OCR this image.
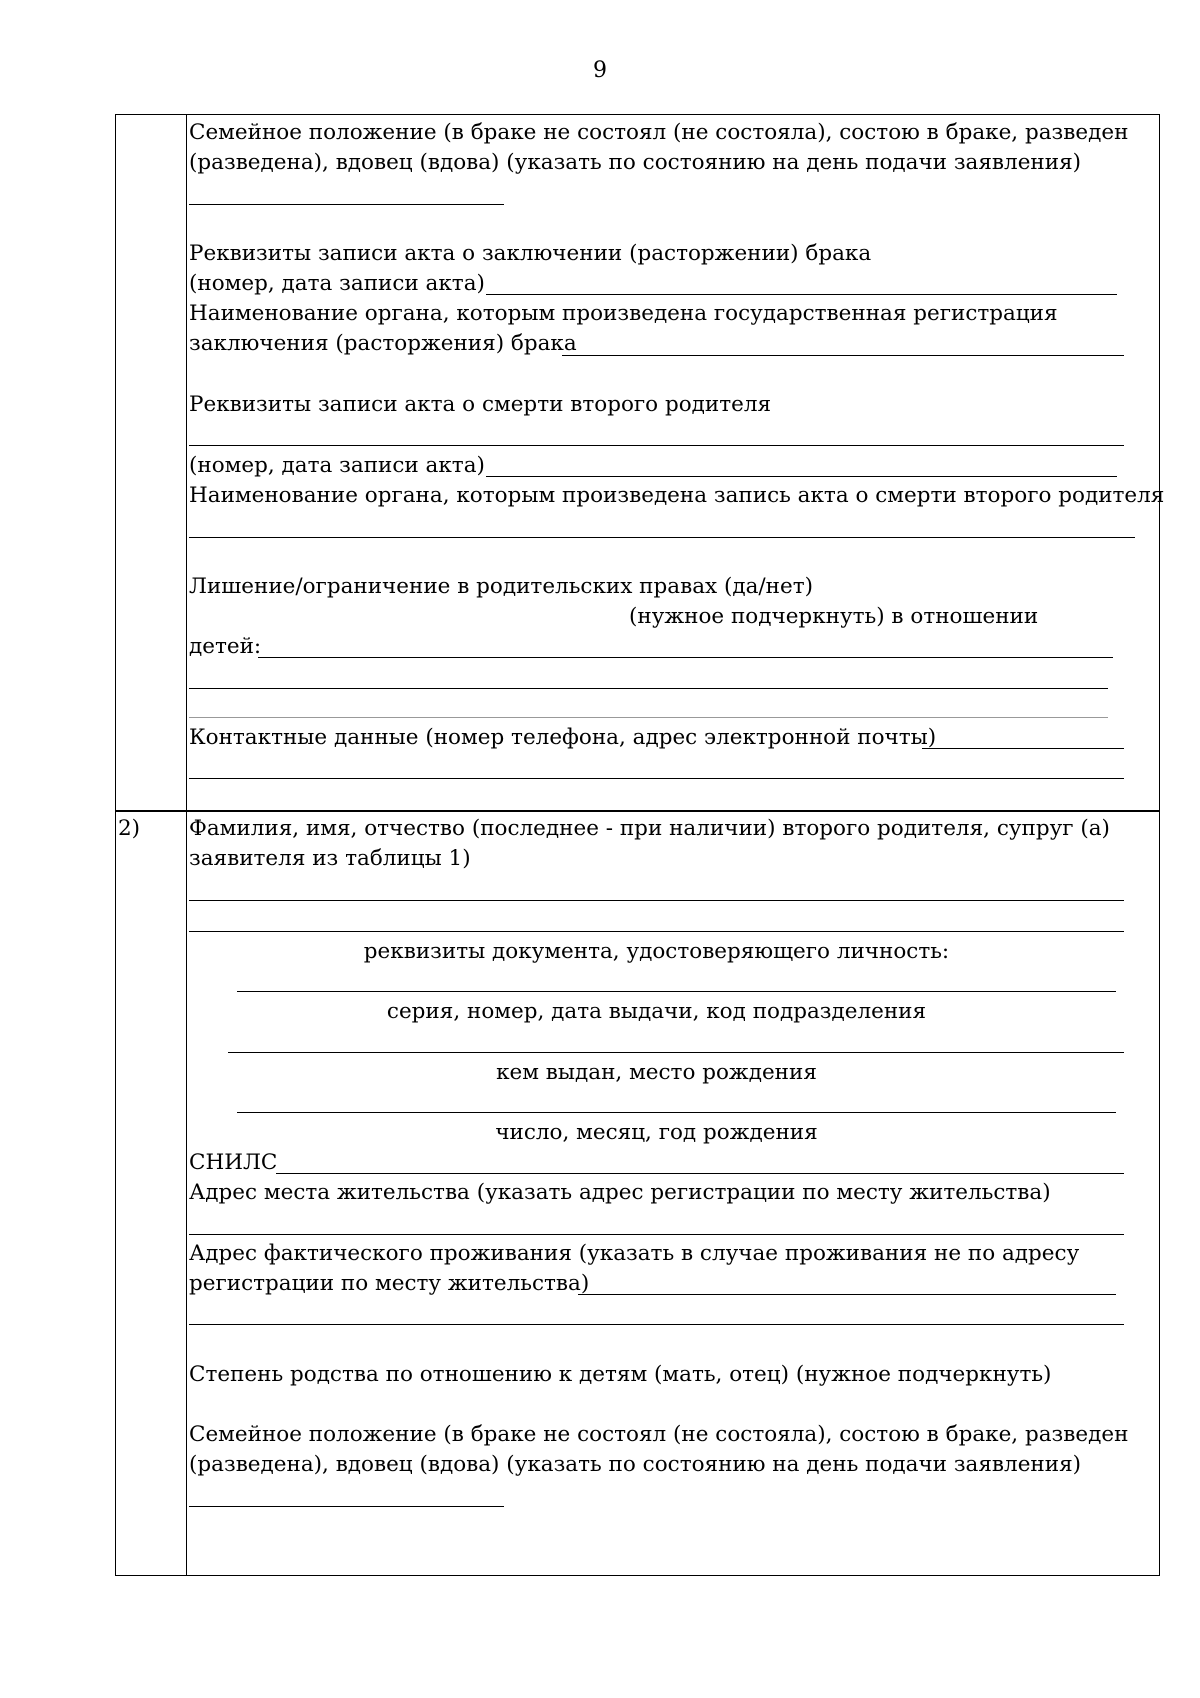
9
Семейное положение (в браке не состоял (не состояла), состою в браке, разведен
(разведена), вдовец (вдова) (указать по состоянию на день подачи заявления)
Реквизиты записи акта о заключении (расторжении) брака
(номер, дата записи акта)
Наименование органа, которым произведена государственная регистрация
заключения (расторжения) брака
Реквизиты записи акта о смерти второго родителя
(номер, дата записи акта)
Наименование органа, которым произведена запись акта о смерти второго родителя
Лишение/ограничение в родительских правах (да/нет)
(нужное подчеркнуть) в отношении
детей:
Контактные данные (номер телефона, адрес электронной почты)
2) Фамилия, имя, отчество (последнее - при наличии) второго родителя, супруг (а)
заявителя из таблицы 1)
реквизиты документа, удостоверяющего личность:
серия, номер, дата выдачи, код подразделения
кем выдан, место рождения
число, месяц, год рождения
СНИЛС
Адрес места жительства (указать адрес регистрации по месту жительства)
Адрес фактического проживания (указать в случае проживания не по адресу
регистрации по месту жительства)
Степень родства по отношению к детям (мать, отец) (нужное подчеркнуть)
Семейное положение (в браке не состоял (не состояла), состою в браке, разведен
(разведена), вдовец (вдова) (указать по состоянию на день подачи заявления)
